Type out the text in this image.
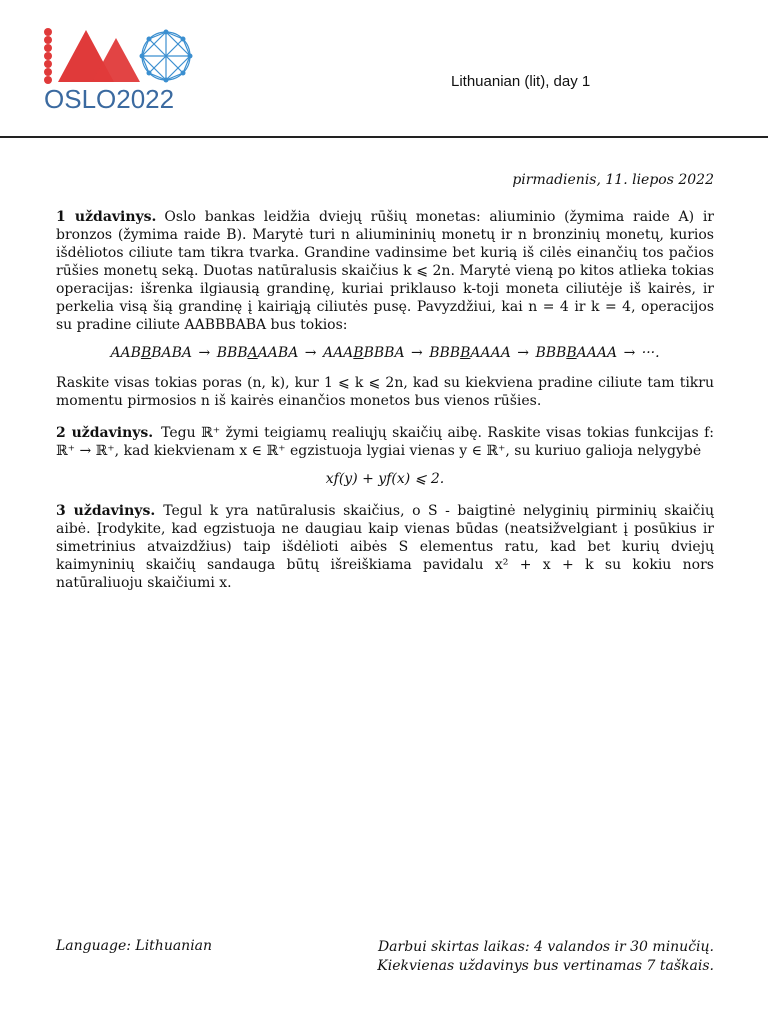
OSLO2022
Lithuanian (lit), day 1
pirmadienis, 11. liepos 2022

1 uždavinys. Oslo bankas leidžia dviejų rūšių monetas: aliuminio (žymima raide A) ir bronzos (žymima raide B). Marytė turi n aliumininių monetų ir n bronzinių monetų, kurios išdėliotos ciliute tam tikra tvarka. Grandine vadinsime bet kurią iš cilės einančių tos pačios rūšies monetų seką. Duotas natūralusis skaičius k ⩽ 2n. Marytė vieną po kitos atlieka tokias operacijas: išrenka ilgiausią grandinę, kuriai priklauso k-toji moneta ciliutėje iš kairės, ir perkelia visą šią grandinę į kairiąją ciliutės pusę. Pavyzdžiui, kai n = 4 ir k = 4, operacijos su pradine ciliute AABBBABA bus tokios:

AABBBABA → BBBAAABA → AAABBBBA → BBBBAAAA → BBBBAAAA → ···.

Raskite visas tokias poras (n, k), kur 1 ⩽ k ⩽ 2n, kad su kiekviena pradine ciliute tam tikru momentu pirmosios n iš kairės einančios monetos bus vienos rūšies.

2 uždavinys. Tegu ℝ⁺ žymi teigiamų realiųjų skaičių aibę. Raskite visas tokias funkcijas f: ℝ⁺ → ℝ⁺, kad kiekvienam x ∈ ℝ⁺ egzistuoja lygiai vienas y ∈ ℝ⁺, su kuriuo galioja nelygybė

xf(y) + yf(x) ⩽ 2.

3 uždavinys. Tegul k yra natūralusis skaičius, o S - baigtinė nelyginių pirminių skaičių aibė. Įrodykite, kad egzistuoja ne daugiau kaip vienas būdas (neatsižvelgiant į posūkius ir simetrinius atvaizdžius) taip išdėlioti aibės S elementus ratu, kad bet kurių dviejų kaimyninių skaičių sandauga būtų išreiškiama pavidalu x² + x + k su kokiu nors natūraliuoju skaičiumi x.

Language: Lithuanian	Darbui skirtas laikas: 4 valandos ir 30 minučių.
Kiekvienas uždavinys bus vertinamas 7 taškais.
